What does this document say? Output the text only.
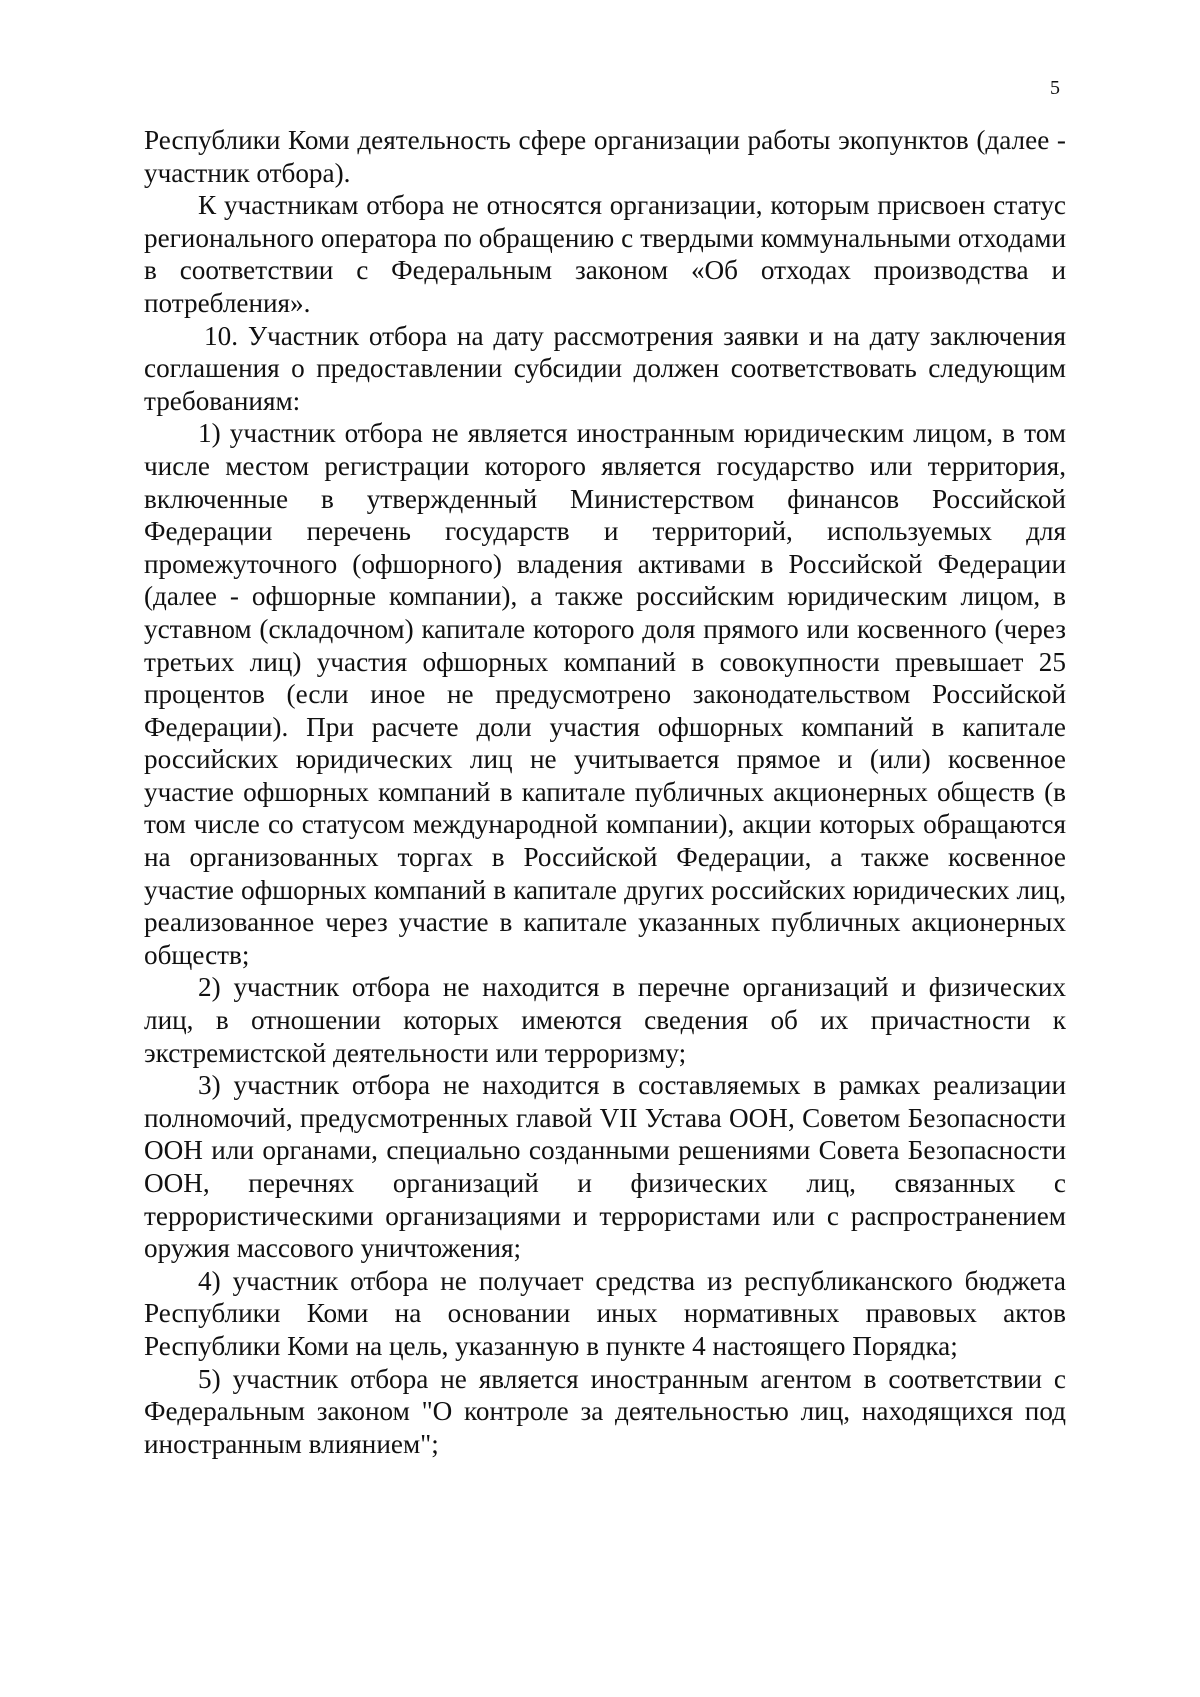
5

Республики Коми деятельность сфере организации работы экопунктов (далее - участник отбора).

К участникам отбора не относятся организации, которым присвоен статус регионального оператора по обращению с твердыми коммунальными отходами в соответствии с Федеральным законом «Об отходах производства и потребления».

10. Участник отбора на дату рассмотрения заявки и на дату заключения соглашения о предоставлении субсидии должен соответствовать следующим требованиям:

1) участник отбора не является иностранным юридическим лицом, в том числе местом регистрации которого является государство или территория, включенные в утвержденный Министерством финансов Российской Федерации перечень государств и территорий, используемых для промежуточного (офшорного) владения активами в Российской Федерации (далее - офшорные компании), а также российским юридическим лицом, в уставном (складочном) капитале которого доля прямого или косвенного (через третьих лиц) участия офшорных компаний в совокупности превышает 25 процентов (если иное не предусмотрено законодательством Российской Федерации). При расчете доли участия офшорных компаний в капитале российских юридических лиц не учитывается прямое и (или) косвенное участие офшорных компаний в капитале публичных акционерных обществ (в том числе со статусом международной компании), акции которых обращаются на организованных торгах в Российской Федерации, а также косвенное участие офшорных компаний в капитале других российских юридических лиц, реализованное через участие в капитале указанных публичных акционерных обществ;

2) участник отбора не находится в перечне организаций и физических лиц, в отношении которых имеются сведения об их причастности к экстремистской деятельности или терроризму;

3) участник отбора не находится в составляемых в рамках реализации полномочий, предусмотренных главой VII Устава ООН, Советом Безопасности ООН или органами, специально созданными решениями Совета Безопасности ООН, перечнях организаций и физических лиц, связанных с террористическими организациями и террористами или с распространением оружия массового уничтожения;

4) участник отбора не получает средства из республиканского бюджета Республики Коми на основании иных нормативных правовых актов Республики Коми на цель, указанную в пункте 4 настоящего Порядка;

5) участник отбора не является иностранным агентом в соответствии с Федеральным законом "О контроле за деятельностью лиц, находящихся под иностранным влиянием";
